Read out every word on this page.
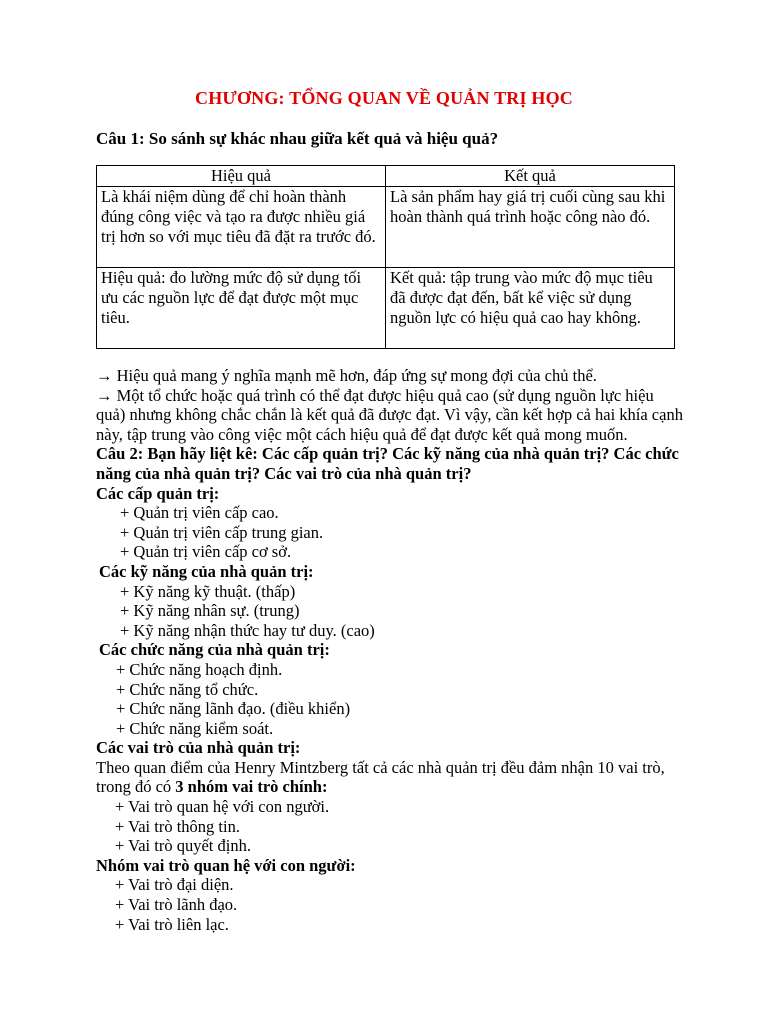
CHƯƠNG: TỔNG QUAN VỀ QUẢN TRỊ HỌC
Câu 1: So sánh sự khác nhau giữa kết quả và hiệu quả?
Hiệu quả	Kết quả
Là khái niệm dùng để chỉ hoàn thành đúng công việc và tạo ra được nhiều giá trị hơn so với mục tiêu đã đặt ra trước đó.	Là sản phẩm hay giá trị cuối cùng sau khi hoàn thành quá trình hoặc công nào đó.
Hiệu quả: đo lường mức độ sử dụng tối ưu các nguồn lực để đạt được một mục tiêu.	Kết quả: tập trung vào mức độ mục tiêu đã được đạt đến, bất kể việc sử dụng nguồn lực có hiệu quả cao hay không.

→ Hiệu quả mang ý nghĩa mạnh mẽ hơn, đáp ứng sự mong đợi của chủ thể.

→ Một tổ chức hoặc quá trình có thể đạt được hiệu quả cao (sử dụng nguồn lực hiệu quả) nhưng không chắc chắn là kết quả đã được đạt. Vì vậy, cần kết hợp cả hai khía cạnh này, tập trung vào công việc một cách hiệu quả để đạt được kết quả mong muốn.

Câu 2: Bạn hãy liệt kê: Các cấp quản trị? Các kỹ năng của nhà quản trị? Các chức năng của nhà quản trị? Các vai trò của nhà quản trị?

Các cấp quản trị:

+ Quản trị viên cấp cao.

+ Quản trị viên cấp trung gian.

+ Quản trị viên cấp cơ sở.

Các kỹ năng của nhà quản trị:

+ Kỹ năng kỹ thuật. (thấp)

+ Kỹ năng nhân sự. (trung)

+ Kỹ năng nhận thức hay tư duy. (cao)

Các chức năng của nhà quản trị:

+ Chức năng hoạch định.

+ Chức năng tổ chức.

+ Chức năng lãnh đạo. (điều khiển)

+ Chức năng kiểm soát.

Các vai trò của nhà quản trị:

Theo quan điểm của Henry Mintzberg tất cả các nhà quản trị đều đảm nhận 10 vai trò, trong đó có 3 nhóm vai trò chính:

+ Vai trò quan hệ với con người.

+ Vai trò thông tin.

+ Vai trò quyết định.

Nhóm vai trò quan hệ với con người:

+ Vai trò đại diện.

+ Vai trò lãnh đạo.

+ Vai trò liên lạc.
